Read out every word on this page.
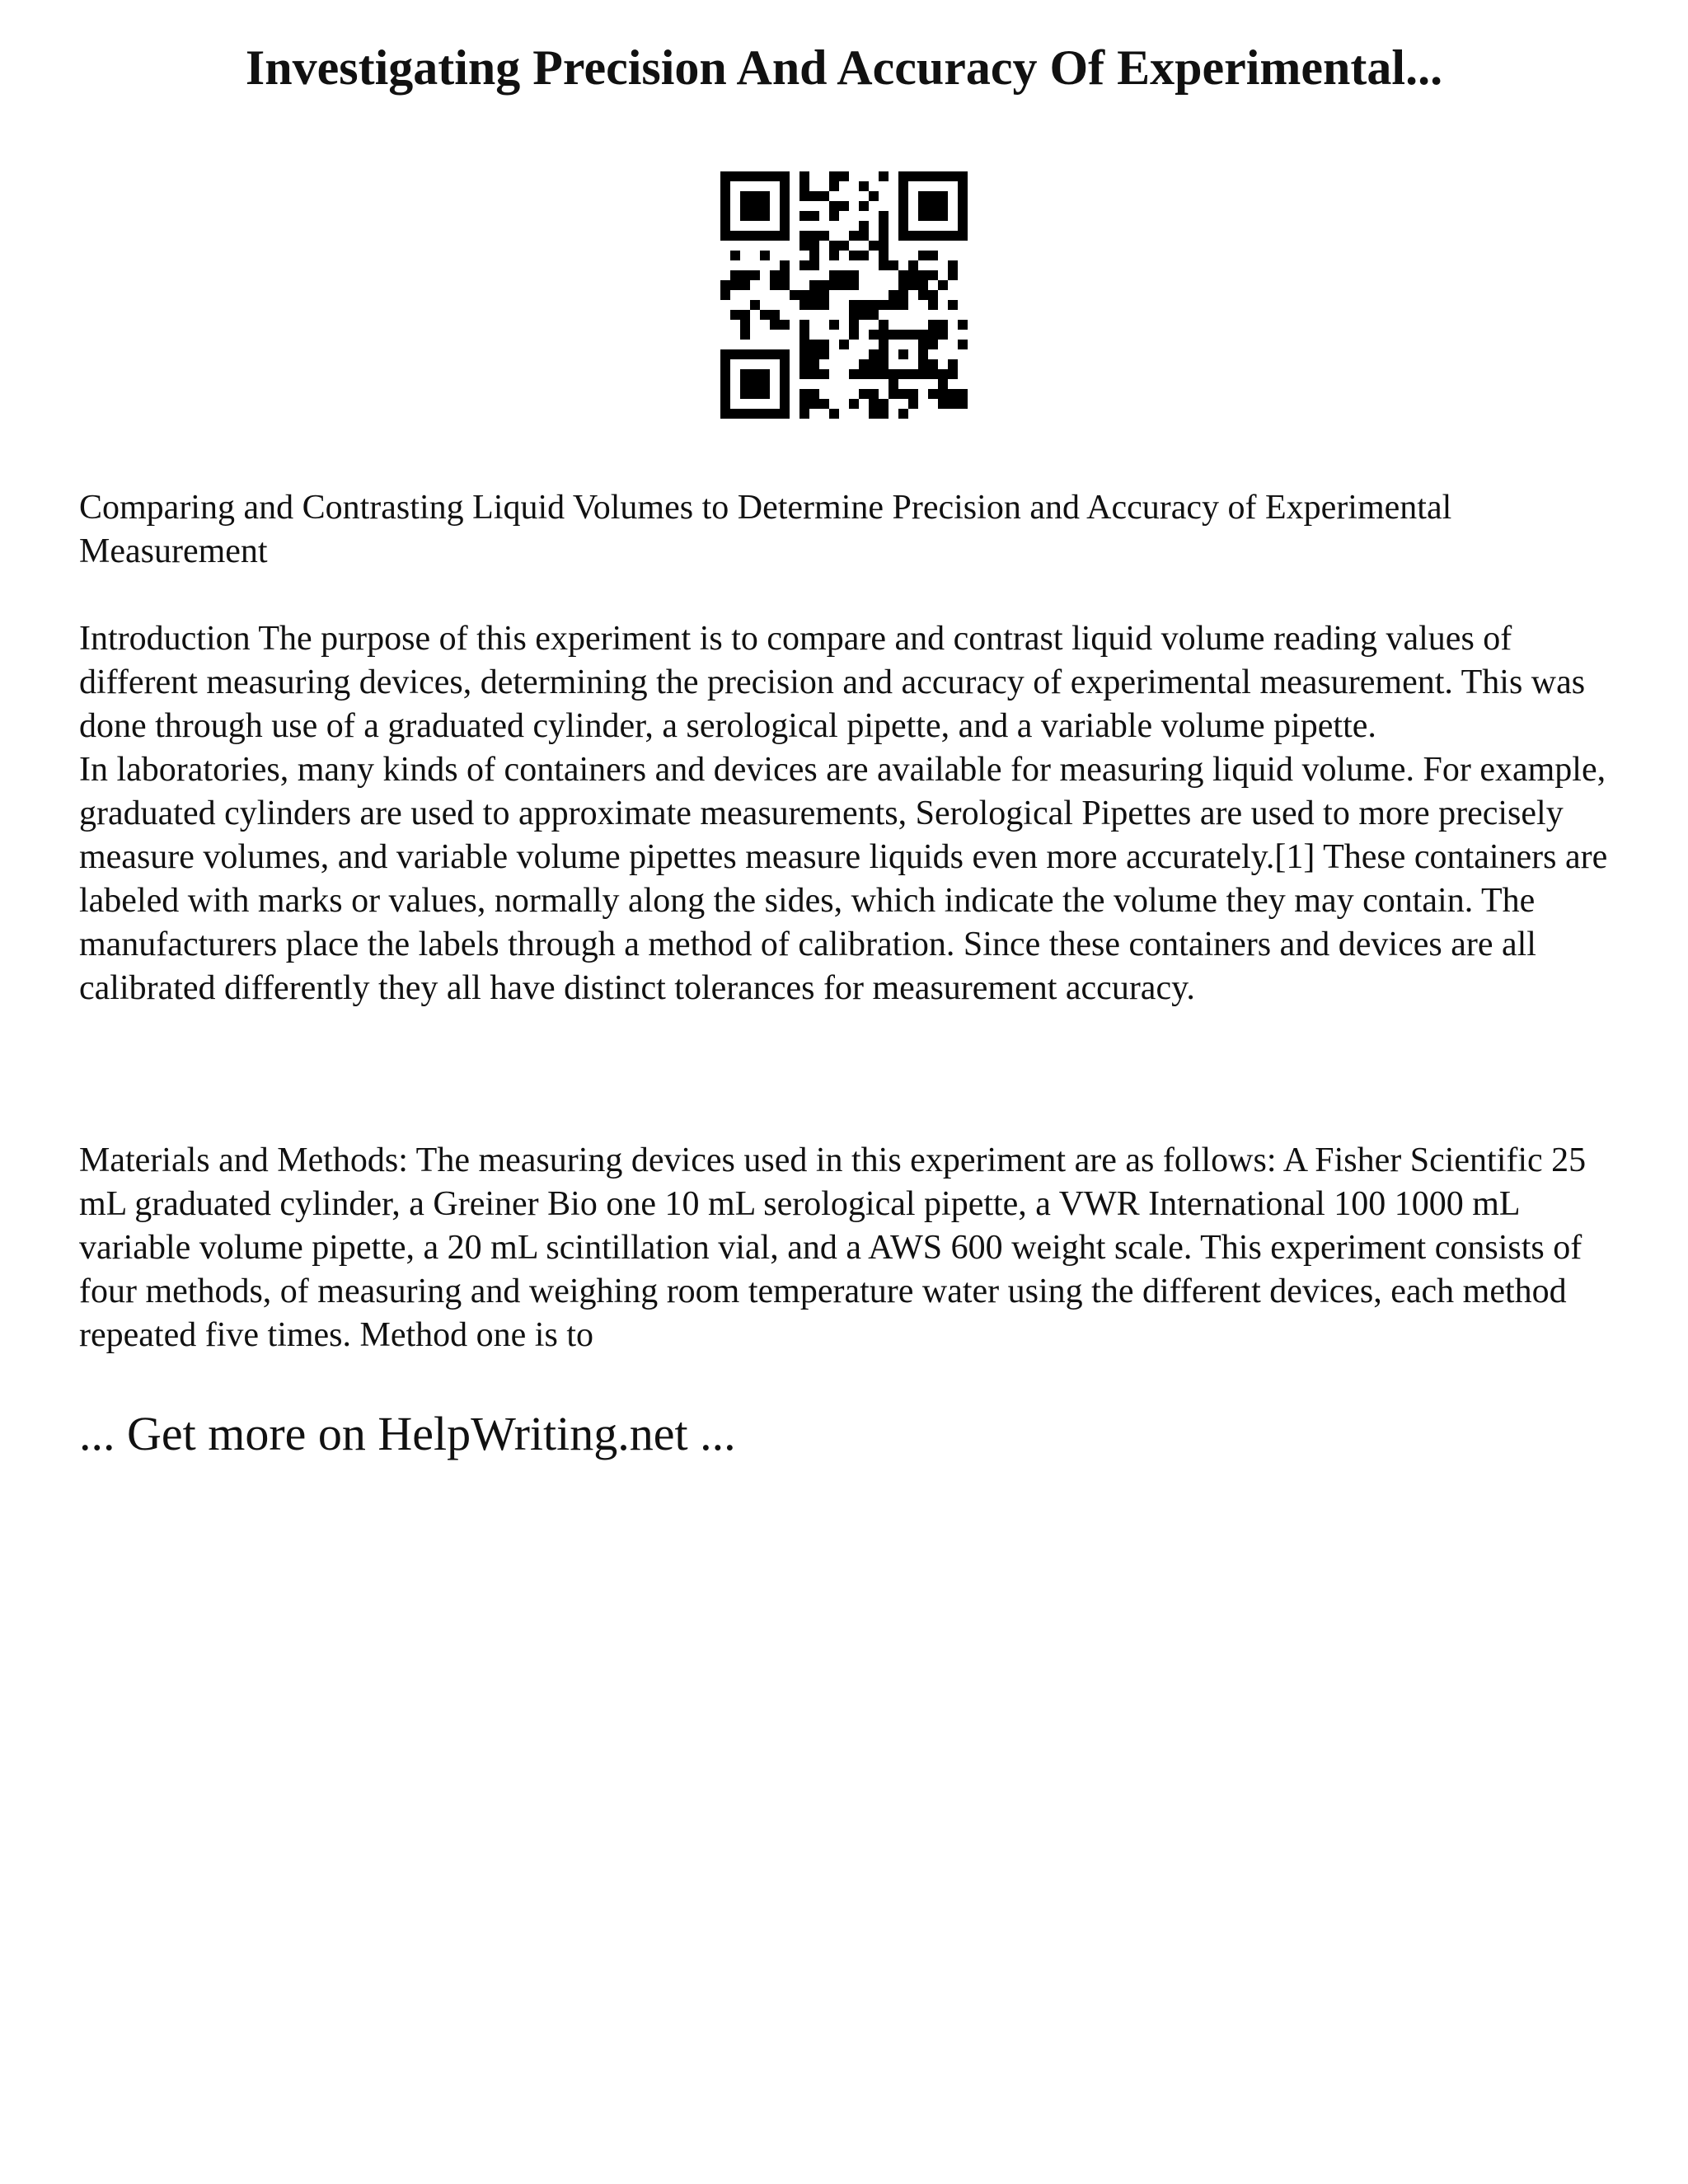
Investigating Precision And Accuracy Of Experimental...

Comparing and Contrasting Liquid Volumes to Determine Precision and Accuracy of Experimental Measurement

Introduction The purpose of this experiment is to compare and contrast liquid volume reading values of different measuring devices, determining the precision and accuracy of experimental measurement. This was done through use of a graduated cylinder, a serological pipette, and a variable volume pipette.

In laboratories, many kinds of containers and devices are available for measuring liquid volume. For example, graduated cylinders are used to approximate measurements, Serological Pipettes are used to more precisely measure volumes, and variable volume pipettes measure liquids even more accurately.[1] These containers are labeled with marks or values, normally along the sides, which indicate the volume they may contain. The manufacturers place the labels through a method of calibration. Since these containers and devices are all calibrated differently they all have distinct tolerances for measurement accuracy.

Materials and Methods: The measuring devices used in this experiment are as follows: A Fisher Scientific 25 mL graduated cylinder, a Greiner Bio one 10 mL serological pipette, a VWR International 100 1000 mL variable volume pipette, a 20 mL scintillation vial, and a AWS 600 weight scale. This experiment consists of four methods, of measuring and weighing room temperature water using the different devices, each method repeated five times. Method one is to

... Get more on HelpWriting.net ...
